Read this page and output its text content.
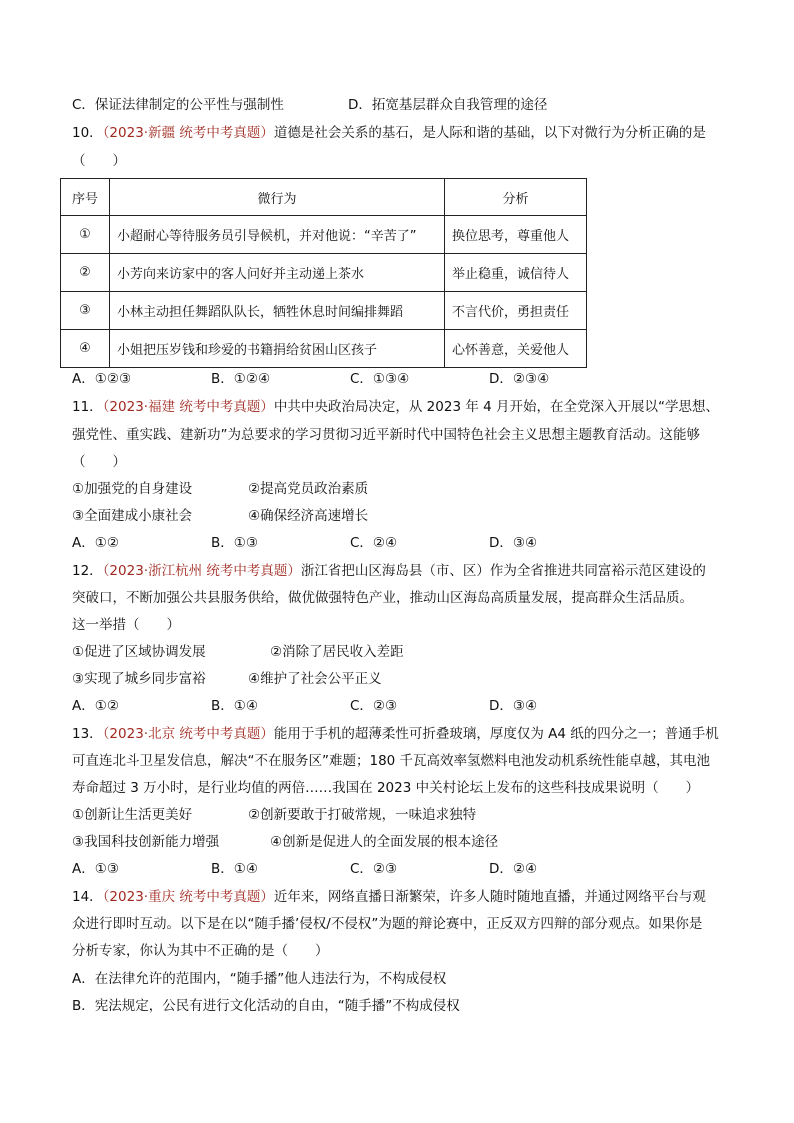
C．保证法律制定的公平性与强制性	D．拓宽基层群众自我管理的途径
10．（2023·新疆 统考中考真题）道德是社会关系的基石，是人际和谐的基础，以下对微行为分析正确的是
（　　）
序号	微行为	分析
①	小超耐心等待服务员引导候机，并对他说：“辛苦了”	换位思考，尊重他人
②	小芳向来访家中的客人问好并主动递上茶水	举止稳重，诚信待人
③	小林主动担任舞蹈队队长，牺牲休息时间编排舞蹈	不言代价，勇担责任
④	小姐把压岁钱和珍爱的书籍捐给贫困山区孩子	心怀善意，关爱他人
A．①②③	B．①②④	C．①③④	D．②③④
11．（2023·福建 统考中考真题）中共中央政治局决定，从 2023 年 4 月开始，在全党深入开展以“学思想、
强党性、重实践、建新功”为总要求的学习贯彻习近平新时代中国特色社会主义思想主题教育活动。这能够
（　　）
①加强党的自身建设	②提高党员政治素质
③全面建成小康社会	④确保经济高速增长
A．①②	B．①③	C．②④	D．③④
12．（2023·浙江杭州 统考中考真题）浙江省把山区海岛县（市、区）作为全省推进共同富裕示范区建设的
突破口，不断加强公共县服务供给，做优做强特色产业，推动山区海岛高质量发展，提高群众生活品质。
这一举措（　　）
①促进了区域协调发展	②消除了居民收入差距
③实现了城乡同步富裕	④维护了社会公平正义
A．①②	B．①④	C．②③	D．③④
13．（2023·北京 统考中考真题）能用于手机的超薄柔性可折叠玻璃，厚度仅为 A4 纸的四分之一；普通手机
可直连北斗卫星发信息，解决“不在服务区”难题；180 千瓦高效率氢燃料电池发动机系统性能卓越，其电池
寿命超过 3 万小时，是行业均值的两倍……我国在 2023 中关村论坛上发布的这些科技成果说明（　　）
①创新让生活更美好	②创新要敢于打破常规，一味追求独特
③我国科技创新能力增强	④创新是促进人的全面发展的根本途径
A．①③	B．①④	C．②③	D．②④
14．（2023·重庆 统考中考真题）近年来，网络直播日渐繁荣，许多人随时随地直播，并通过网络平台与观
众进行即时互动。以下是在以“随手播’侵权/不侵权”为题的辩论赛中，正反双方四辩的部分观点。如果你是
分析专家，你认为其中不正确的是（　　）
A．在法律允许的范围内，“随手播”他人违法行为，不构成侵权
B．宪法规定，公民有进行文化活动的自由，“随手播”不构成侵权
